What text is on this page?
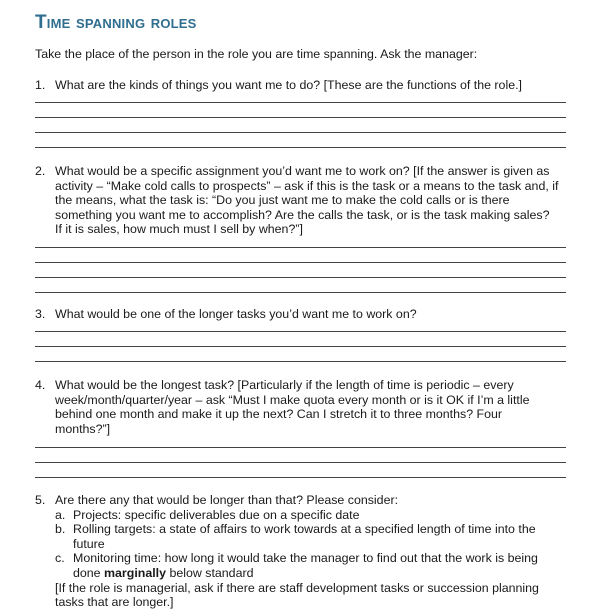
Time spanning roles
Take the place of the person in the role you are time spanning. Ask the manager:
1. What are the kinds of things you want me to do? [These are the functions of the role.]
2. What would be a specific assignment you’d want me to work on? [If the answer is given as
activity – “Make cold calls to prospects” – ask if this is the task or a means to the task and, if
the means, what the task is: “Do you just want me to make the cold calls or is there
something you want me to accomplish? Are the calls the task, or is the task making sales?
If it is sales, how much must I sell by when?”]
3. What would be one of the longer tasks you’d want me to work on?
4. What would be the longest task? [Particularly if the length of time is periodic – every
week/month/quarter/year – ask “Must I make quota every month or is it OK if I’m a little
behind one month and make it up the next? Can I stretch it to three months? Four
months?”]
5. Are there any that would be longer than that? Please consider:
a. Projects: specific deliverables due on a specific date
b. Rolling targets: a state of affairs to work towards at a specified length of time into the
future
c. Monitoring time: how long it would take the manager to find out that the work is being
done marginally below standard
[If the role is managerial, ask if there are staff development tasks or succession planning
tasks that are longer.]
